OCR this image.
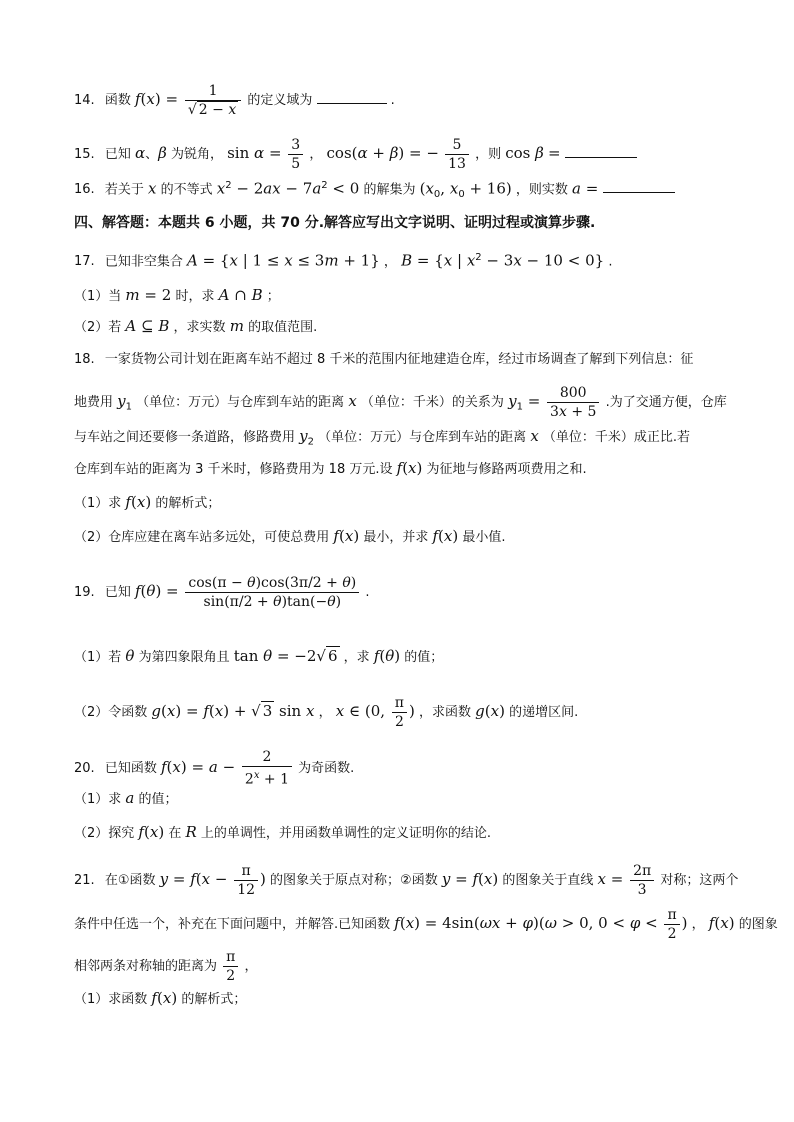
14. 函数 $f(x) = \frac{1}{√ 2 - x}$ 的定义域为	.
15. 已知 α、β 为锐角， $\sin \alpha = \frac{3}{5}$ ， cos(α + β) = − $\frac{5}{13}$ ，则 cos β =
16. 若关于 x 的不等式 $x^2 - 2ax - 7a^2 < 0$ 的解集为 ($x_0$, $x_0 + 16$) ，则实数 a =
四、解答题：本题共 6 小题，共 70 分.解答应写出文字说明、证明过程或演算步骤.
17. 已知非空集合 A = {x | 1 ≤ x ≤ 3m + 1} ， B = {x | $x^2 - 3x - 10 < 0$} .
（1）当 m = 2 时，求 A ∩ B ；
（2）若 A ⊆ B ，求实数 m 的取值范围.
18. 一家货物公司计划在距离车站不超过 8 千米的范围内征地建造仓库，经过市场调查了解到下列信息：征
地费用 $y_1$ （单位：万元）与仓库到车站的距离 x （单位：千米）的关系为 $y_1 = \frac{800}{3x + 5}$ .为了交通方便，仓库
与车站之间还要修一条道路，修路费用 $y_2$ （单位：万元）与仓库到车站的距离 x （单位：千米）成正比.若
仓库到车站的距离为 3 千米时，修路费用为 18 万元.设 f(x) 为征地与修路两项费用之和.
（1）求 f(x) 的解析式；
（2）仓库应建在离车站多远处，可使总费用 f(x) 最小，并求 f(x) 最小值.
19. 已知 $f(\theta) = \frac{\cos(\pi - \theta)\cos(3\pi/2 + \theta)}{\sin(\pi/2 + \theta)\tan(-\theta)}$ .
（1）若 θ 为第四象限角且 tan θ = −2√ 6 ，求 f(θ) 的值；
（2）令函数 g(x) = f(x) + √ 3 sin x ， x ∈ (0, $\frac{\pi}{2}$ ) ，求函数 g(x) 的递增区间.
20. 已知函数 $f(x) = a - \frac{2}{2^x + 1}$ 为奇函数.
（1）求 a 的值；
（2）探究 f(x) 在 R 上的单调性，并用函数单调性的定义证明你的结论.
21. 在①函数 $y = f(x - \frac{\pi}{12}$ ) 的图象关于原点对称；②函数 y = f(x) 的图象关于直线 $x = \frac{2\pi}{3}$ 对称；这两个
条件中任选一个，补充在下面问题中，并解答.已知函数 f(x) = 4sin(ωx + φ)(ω > 0, $0 < \varphi < \frac{\pi}{2}$ ) ， f(x) 的图象
相邻两条对称轴的距离为 $\frac{\pi}{2}$ ，
（1）求函数 f(x) 的解析式；
